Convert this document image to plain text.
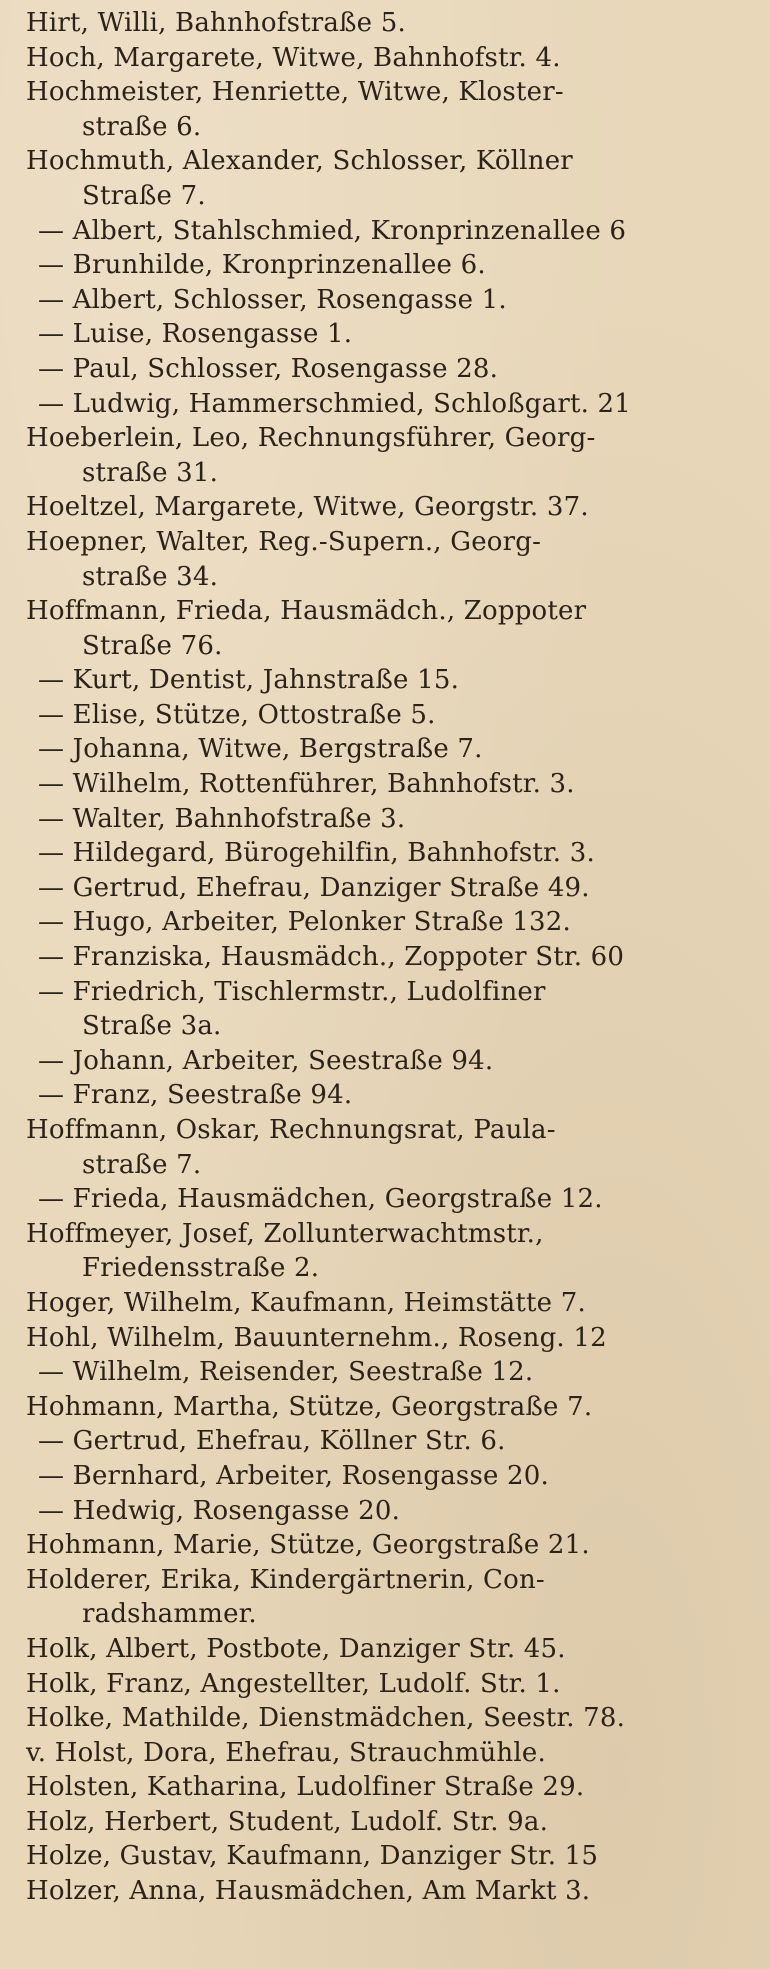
Hirt, Willi, Bahnhofstraße 5.
Hoch, Margarete, Witwe, Bahnhofstr. 4.
Hochmeister, Henriette, Witwe, Kloster-
straße 6.
Hochmuth, Alexander, Schlosser, Köllner
Straße 7.
— Albert, Stahlschmied, Kronprinzenallee 6
— Brunhilde, Kronprinzenallee 6.
— Albert, Schlosser, Rosengasse 1.
— Luise, Rosengasse 1.
— Paul, Schlosser, Rosengasse 28.
— Ludwig, Hammerschmied, Schloßgart. 21
Hoeberlein, Leo, Rechnungsführer, Georg-
straße 31.
Hoeltzel, Margarete, Witwe, Georgstr. 37.
Hoepner, Walter, Reg.-Supern., Georg-
straße 34.
Hoffmann, Frieda, Hausmädch., Zoppoter
Straße 76.
— Kurt, Dentist, Jahnstraße 15.
— Elise, Stütze, Ottostraße 5.
— Johanna, Witwe, Bergstraße 7.
— Wilhelm, Rottenführer, Bahnhofstr. 3.
— Walter, Bahnhofstraße 3.
— Hildegard, Bürogehilfin, Bahnhofstr. 3.
— Gertrud, Ehefrau, Danziger Straße 49.
— Hugo, Arbeiter, Pelonker Straße 132.
— Franziska, Hausmädch., Zoppoter Str. 60
— Friedrich, Tischlermstr., Ludolfiner
Straße 3a.
— Johann, Arbeiter, Seestraße 94.
— Franz, Seestraße 94.
Hoffmann, Oskar, Rechnungsrat, Paula-
straße 7.
— Frieda, Hausmädchen, Georgstraße 12.
Hoffmeyer, Josef, Zollunterwachtmstr.,
Friedensstraße 2.
Hoger, Wilhelm, Kaufmann, Heimstätte 7.
Hohl, Wilhelm, Bauunternehm., Roseng. 12
— Wilhelm, Reisender, Seestraße 12.
Hohmann, Martha, Stütze, Georgstraße 7.
— Gertrud, Ehefrau, Köllner Str. 6.
— Bernhard, Arbeiter, Rosengasse 20.
— Hedwig, Rosengasse 20.
Hohmann, Marie, Stütze, Georgstraße 21.
Holderer, Erika, Kindergärtnerin, Con-
radshammer.
Holk, Albert, Postbote, Danziger Str. 45.
Holk, Franz, Angestellter, Ludolf. Str. 1.
Holke, Mathilde, Dienstmädchen, Seestr. 78.
v. Holst, Dora, Ehefrau, Strauchmühle.
Holsten, Katharina, Ludolfiner Straße 29.
Holz, Herbert, Student, Ludolf. Str. 9a.
Holze, Gustav, Kaufmann, Danziger Str. 15
Holzer, Anna, Hausmädchen, Am Markt 3.
